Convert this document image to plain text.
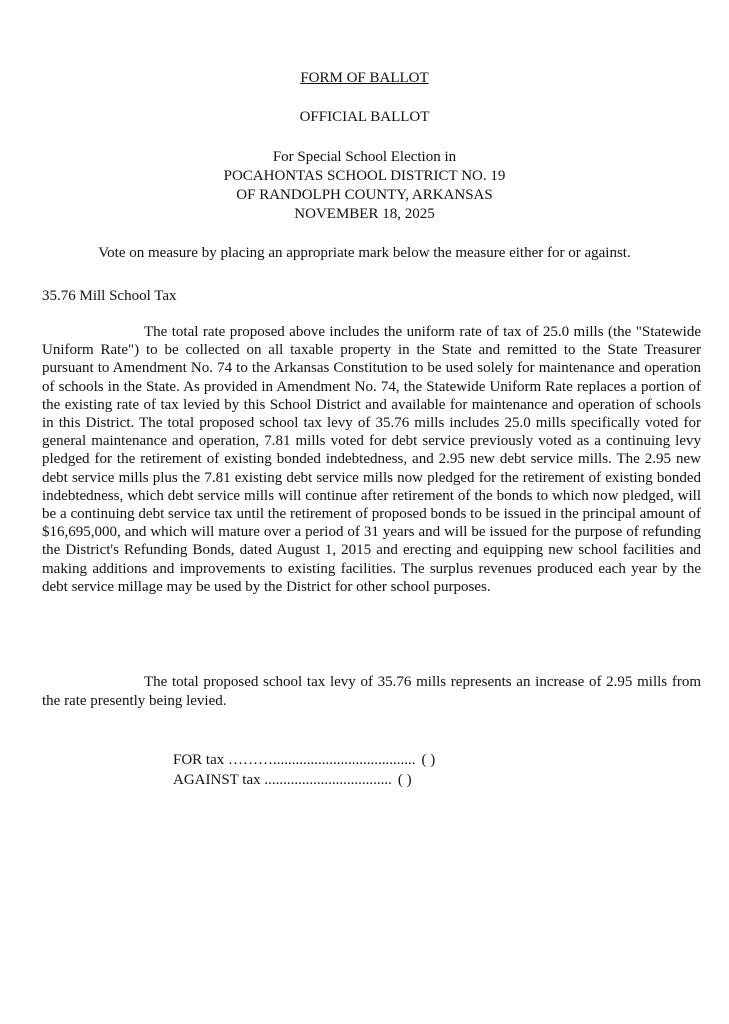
FORM OF BALLOT
OFFICIAL BALLOT
For Special School Election in
POCAHONTAS SCHOOL DISTRICT NO. 19
OF RANDOLPH COUNTY, ARKANSAS
NOVEMBER 18, 2025
Vote on measure by placing an appropriate mark below the measure either for or against.
35.76 Mill School Tax

The total rate proposed above includes the uniform rate of tax of 25.0 mills (the "Statewide Uniform Rate") to be collected on all taxable property in the State and remitted to the State Treasurer pursuant to Amendment No. 74 to the Arkansas Constitution to be used solely for maintenance and operation of schools in the State. As provided in Amendment No. 74, the Statewide Uniform Rate replaces a portion of the existing rate of tax levied by this School District and available for maintenance and operation of schools in this District. The total proposed school tax levy of 35.76 mills includes 25.0 mills specifically voted for general maintenance and operation, 7.81 mills voted for debt service previously voted as a continuing levy pledged for the retirement of existing bonded indebtedness, and 2.95 new debt service mills. The 2.95 new debt service mills plus the 7.81 existing debt service mills now pledged for the retirement of existing bonded indebtedness, which debt service mills will continue after retirement of the bonds to which now pledged, will be a continuing debt service tax until the retirement of proposed bonds to be issued in the principal amount of $16,695,000, and which will mature over a period of 31 years and will be issued for the purpose of refunding the District's Refunding Bonds, dated August 1, 2015 and erecting and equipping new school facilities and making additions and improvements to existing facilities. The surplus revenues produced each year by the debt service millage may be used by the District for other school purposes.

The total proposed school tax levy of 35.76 mills represents an increase of 2.95 mills from the rate presently being levied.

FOR tax ………...................................... ( )
AGAINST tax .................................. ( )
